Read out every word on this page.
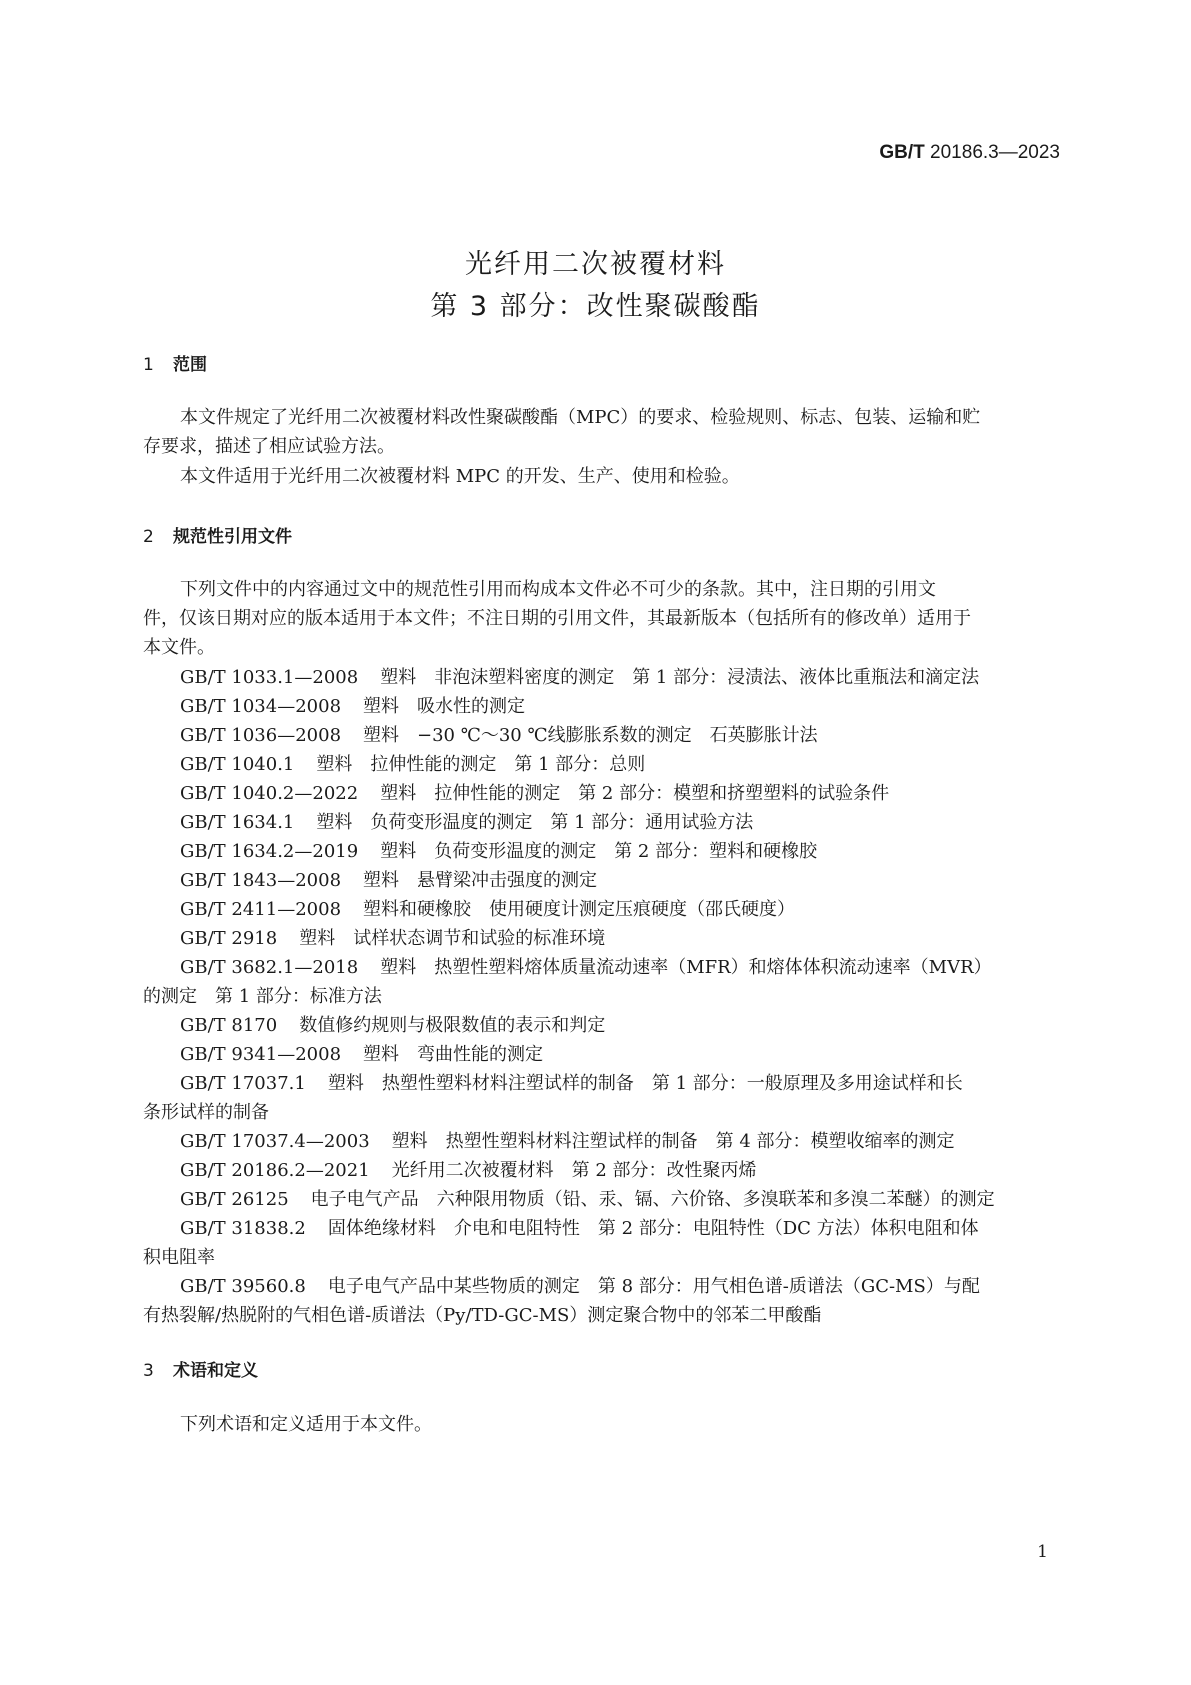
GB/T 20186.3—2023
光纤用二次被覆材料
第 3 部分：改性聚碳酸酯
1 范围
本文件规定了光纤用二次被覆材料改性聚碳酸酯（MPC）的要求、检验规则、标志、包装、运输和贮
存要求，描述了相应试验方法。
本文件适用于光纤用二次被覆材料 MPC 的开发、生产、使用和检验。
2 规范性引用文件
下列文件中的内容通过文中的规范性引用而构成本文件必不可少的条款。其中，注日期的引用文
件，仅该日期对应的版本适用于本文件；不注日期的引用文件，其最新版本（包括所有的修改单）适用于
本文件。
GB/T 1033.1—2008 塑料　非泡沫塑料密度的测定　第 1 部分：浸渍法、液体比重瓶法和滴定法
GB/T 1034—2008 塑料　吸水性的测定
GB/T 1036—2008 塑料　−30 ℃～30 ℃线膨胀系数的测定　石英膨胀计法
GB/T 1040.1 塑料　拉伸性能的测定　第 1 部分：总则
GB/T 1040.2—2022 塑料　拉伸性能的测定　第 2 部分：模塑和挤塑塑料的试验条件
GB/T 1634.1 塑料　负荷变形温度的测定　第 1 部分：通用试验方法
GB/T 1634.2—2019 塑料　负荷变形温度的测定　第 2 部分：塑料和硬橡胶
GB/T 1843—2008 塑料　悬臂梁冲击强度的测定
GB/T 2411—2008 塑料和硬橡胶　使用硬度计测定压痕硬度（邵氏硬度）
GB/T 2918 塑料　试样状态调节和试验的标准环境
GB/T 3682.1—2018 塑料　热塑性塑料熔体质量流动速率（MFR）和熔体体积流动速率（MVR）
的测定　第 1 部分：标准方法
GB/T 8170 数值修约规则与极限数值的表示和判定
GB/T 9341—2008 塑料　弯曲性能的测定
GB/T 17037.1 塑料　热塑性塑料材料注塑试样的制备　第 1 部分：一般原理及多用途试样和长
条形试样的制备
GB/T 17037.4—2003 塑料　热塑性塑料材料注塑试样的制备　第 4 部分：模塑收缩率的测定
GB/T 20186.2—2021 光纤用二次被覆材料　第 2 部分：改性聚丙烯
GB/T 26125 电子电气产品　六种限用物质（铅、汞、镉、六价铬、多溴联苯和多溴二苯醚）的测定
GB/T 31838.2 固体绝缘材料　介电和电阻特性　第 2 部分：电阻特性（DC 方法）体积电阻和体
积电阻率
GB/T 39560.8 电子电气产品中某些物质的测定　第 8 部分：用气相色谱-质谱法（GC-MS）与配
有热裂解/热脱附的气相色谱-质谱法（Py/TD-GC-MS）测定聚合物中的邻苯二甲酸酯
3 术语和定义
下列术语和定义适用于本文件。
1
